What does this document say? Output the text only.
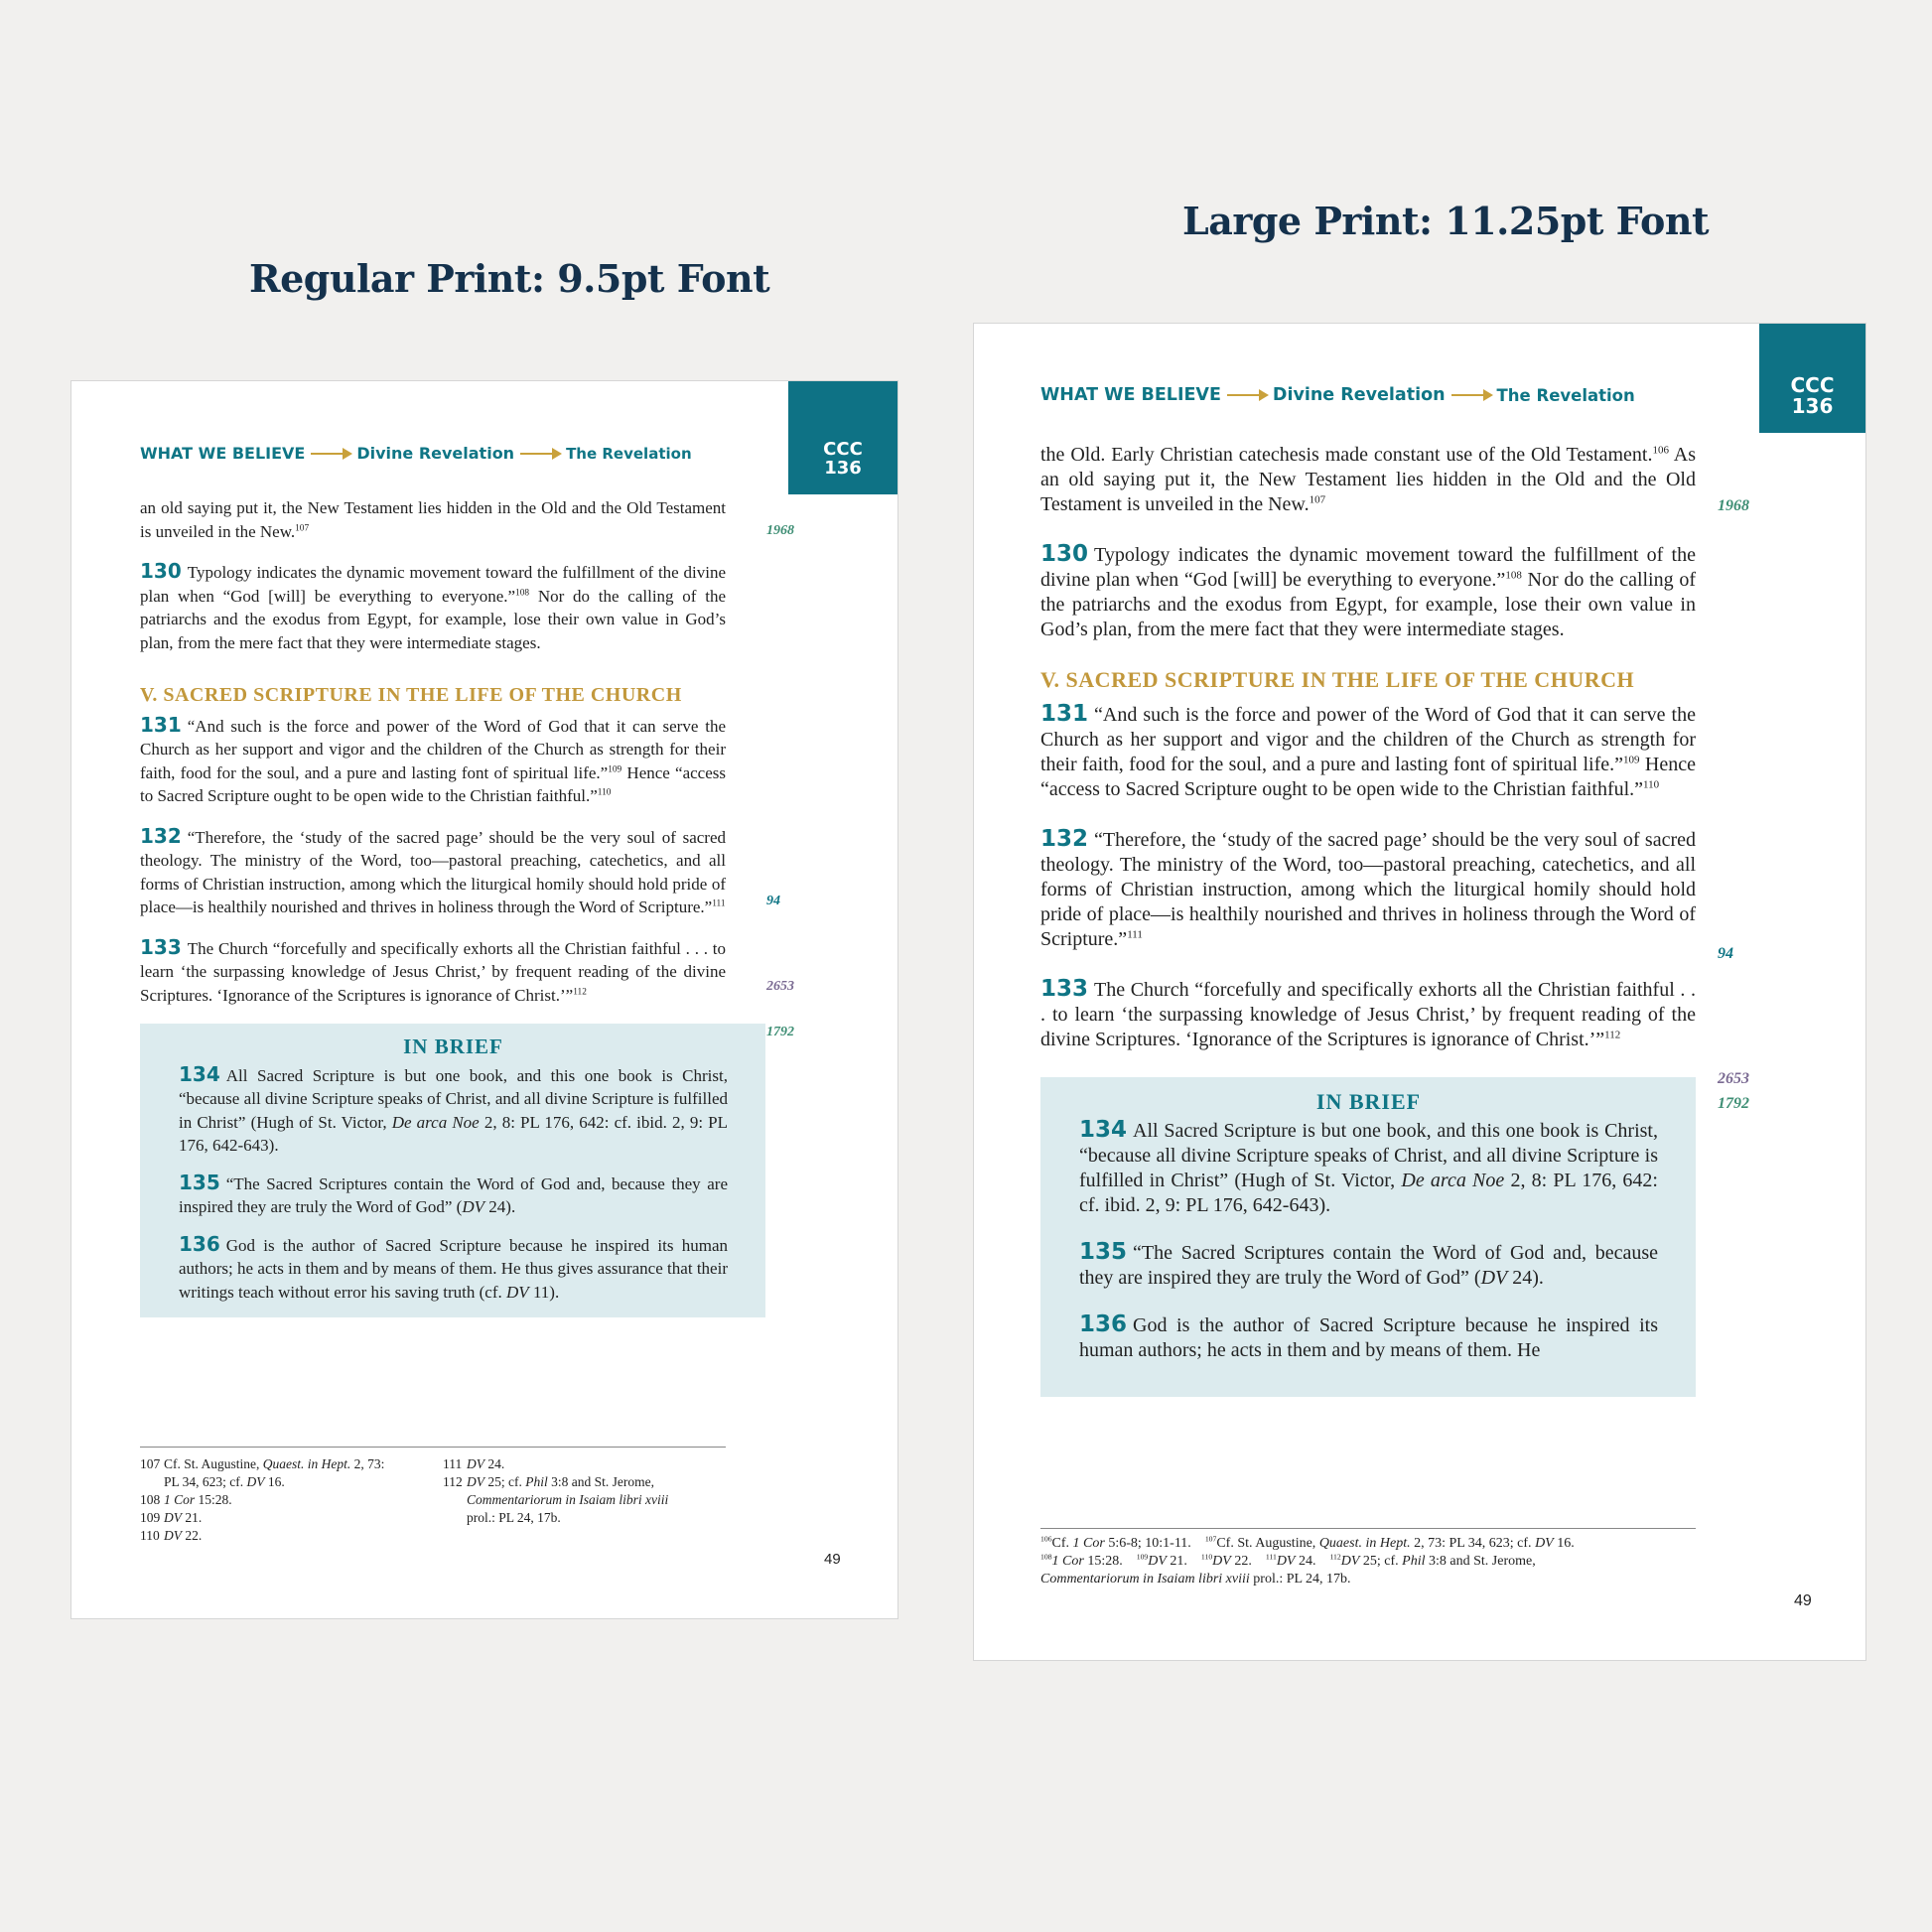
Regular Print: 9.5pt Font
Large Print: 11.25pt Font
CCC
136
WHAT WE BELIEVE	Divine Revelation	The Revelation
1968
94
2653
1792

an old saying put it, the New Testament lies hidden in the Old and the Old Testament is unveiled in the New.$^{107}$

130 Typology indicates the dynamic movement toward the fulfillment of the divine plan when “God [will] be everything to everyone.”$^{108}$ Nor do the calling of the patriarchs and the exodus from Egypt, for example, lose their own value in God’s plan, from the mere fact that they were intermediate stages.

V. SACRED SCRIPTURE IN THE LIFE OF THE CHURCH

131 “And such is the force and power of the Word of God that it can serve the Church as her support and vigor and the children of the Church as strength for their faith, food for the soul, and a pure and lasting font of spiritual life.”$^{109}$ Hence “access to Sacred Scripture ought to be open wide to the Christian faithful.”$^{110}$

132 “Therefore, the ‘study of the sacred page’ should be the very soul of sacred theology. The ministry of the Word, too—pastoral preaching, catechetics, and all forms of Christian instruction, among which the liturgical homily should hold pride of place—is healthily nourished and thrives in holiness through the Word of Scripture.”$^{111}$

133 The Church “forcefully and specifically exhorts all the Christian faithful . . . to learn ‘the surpassing knowledge of Jesus Christ,’ by frequent reading of the divine Scriptures. ‘Ignorance of the Scriptures is ignorance of Christ.’”$^{112}$

IN BRIEF

134 All Sacred Scripture is but one book, and this one book is Christ, “because all divine Scripture speaks of Christ, and all divine Scripture is fulfilled in Christ” (Hugh of St. Victor, De arca Noe 2, 8: PL 176, 642: cf. ibid. 2, 9: PL 176, 642-643).

135 “The Sacred Scriptures contain the Word of God and, because they are inspired they are truly the Word of God” (DV 24).

136 God is the author of Sacred Scripture because he inspired its human authors; he acts in them and by means of them. He thus gives assurance that their writings teach without error his saving truth (cf. DV 11).

107 Cf. St. Augustine, Quaest. in Hept. 2, 73:
PL 34, 623; cf. DV 16.
108 1 Cor 15:28.
109 DV 21.
110 DV 22.
111 DV 24.
112 DV 25; cf. Phil 3:8 and St. Jerome,
Commentariorum in Isaiam libri xviii
prol.: PL 24, 17b.
49
CCC
136
WHAT WE BELIEVE	Divine Revelation	The Revelation
1968
94
2653
1792

the Old. Early Christian catechesis made constant use of the Old Testament.$^{106}$ As an old saying put it, the New Testament lies hidden in the Old and the Old Testament is unveiled in the New.$^{107}$

130 Typology indicates the dynamic movement toward the fulfillment of the divine plan when “God [will] be everything to everyone.”$^{108}$ Nor do the calling of the patriarchs and the exodus from Egypt, for example, lose their own value in God’s plan, from the mere fact that they were intermediate stages.

V. SACRED SCRIPTURE IN THE LIFE OF THE CHURCH

131 “And such is the force and power of the Word of God that it can serve the Church as her support and vigor and the children of the Church as strength for their faith, food for the soul, and a pure and lasting font of spiritual life.”$^{109}$ Hence “access to Sacred Scripture ought to be open wide to the Christian faithful.”$^{110}$

132 “Therefore, the ‘study of the sacred page’ should be the very soul of sacred theology. The ministry of the Word, too—pastoral preaching, catechetics, and all forms of Christian instruction, among which the liturgical homily should hold pride of place—is healthily nourished and thrives in holiness through the Word of Scripture.”$^{111}$

133 The Church “forcefully and specifically exhorts all the Christian faithful . . . to learn ‘the surpassing knowledge of Jesus Christ,’ by frequent reading of the divine Scriptures. ‘Ignorance of the Scriptures is ignorance of Christ.’”$^{112}$

IN BRIEF

134 All Sacred Scripture is but one book, and this one book is Christ, “because all divine Scripture speaks of Christ, and all divine Scripture is fulfilled in Christ” (Hugh of St. Victor, De arca Noe 2, 8: PL 176, 642: cf. ibid. 2, 9: PL 176, 642-643).

135 “The Sacred Scriptures contain the Word of God and, because they are inspired they are truly the Word of God” (DV 24).

136 God is the author of Sacred Scripture because he inspired its human authors; he acts in them and by means of them. He

$^{106}$Cf. 1 Cor 5:6-8; 10:1-11. $^{107}$Cf. St. Augustine, Quaest. in Hept. 2, 73: PL 34, 623; cf. DV 16.
$^{108}$1 Cor 15:28. $^{109}$DV 21. $^{110}$DV 22. $^{111}$DV 24. $^{112}$DV 25; cf. Phil 3:8 and St. Jerome,
Commentariorum in Isaiam libri xviii prol.: PL 24, 17b.
49
